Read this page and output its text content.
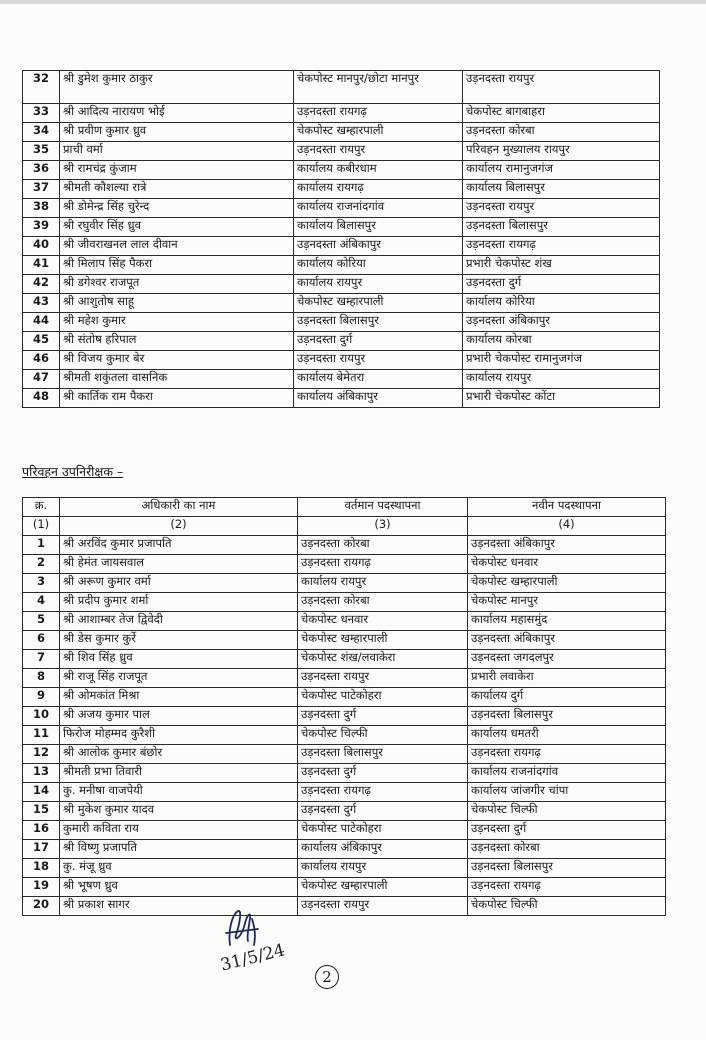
32	श्री डुमेश कुमार ठाकुर	चेकपोस्ट मानपुर/छोटा मानपुर	उड़नदस्ता रायपुर
33	श्री आदित्य नारायण भोई	उड़नदस्ता रायगढ़	चेकपोस्ट बागबाहरा
34	श्री प्रवीण कुमार ध्रुव	चेकपोस्ट खम्हारपाली	उड़नदस्ता कोरबा
35	प्राची वर्मा	उड़नदस्ता रायपुर	परिवहन मुख्यालय रायपुर
36	श्री रामचंद्र कुंजाम	कार्यालय कबीरधाम	कार्यालय रामानुजगंज
37	श्रीमती कौशल्या रात्रे	कार्यालय रायगढ़	कार्यालय बिलासपुर
38	श्री डोमेन्द्र सिंह चुरेन्द	कार्यालय राजनांदगांव	उड़नदस्ता रायपुर
39	श्री रघुवीर सिंह ध्रुव	कार्यालय बिलासपुर	उड़नदस्ता बिलासपुर
40	श्री जीवराखनल लाल दीवान	उड़नदस्ता अंबिकापुर	उड़नदस्ता रायगढ़
41	श्री मिलाप सिंह पैकरा	कार्यालय कोरिया	प्रभारी चेकपोस्ट शंख
42	श्री डगेश्वर राजपूत	कार्यालय रायपुर	उड़नदस्ता दुर्ग
43	श्री आशुतोष साहू	चेकपोस्ट खम्हारपाली	कार्यालय कोरिया
44	श्री महेश कुमार	उड़नदस्ता बिलासपुर	उड़नदस्ता अंबिकापुर
45	श्री संतोष हरिपाल	उड़नदस्ता दुर्ग	कार्यालय कोरबा
46	श्री विजय कुमार बेर	उड़नदस्ता रायपुर	प्रभारी चेकपोस्ट रामानुजगंज
47	श्रीमती शकुंतला वासनिक	कार्यालय बेमेतरा	कार्यालय रायपुर
48	श्री कार्तिक राम पैकरा	कार्यालय अंबिकापुर	प्रभारी चेकपोस्ट कोंटा
परिवहन उपनिरीक्षक –
क्र.	अधिकारी का नाम	वर्तमान पदस्थापना	नवीन पदस्थापना
(1)	(2)	(3)	(4)
1	श्री अरविंद कुमार प्रजापति	उड़नदस्ता कोरबा	उड़नदस्ता अंबिकापुर
2	श्री हेमंत जायसवाल	उड़नदस्ता रायगढ़	चेकपोस्ट धनवार
3	श्री अरूण कुमार वर्मा	कार्यालय रायपुर	चेकपोस्ट खम्हारपाली
4	श्री प्रदीप कुमार शर्मा	उड़नदस्ता कोरबा	चेकपोस्ट मानपुर
5	श्री आशाम्बर तेज द्विवेदी	चेकपोस्ट धनवार	कार्यालय महासमुंद
6	श्री डेस कुमार कुर्रे	चेकपोस्ट खम्हारपाली	उड़नदस्ता अंबिकापुर
7	श्री शिव सिंह ध्रुव	चेकपोस्ट शंख/लवाकेरा	उड़नदस्ता जगदलपुर
8	श्री राजू सिंह राजपूत	उड़नदस्ता रायपुर	प्रभारी लवाकेरा
9	श्री ओमकांत मिश्रा	चेकपोस्ट पाटेकोहरा	कार्यालय दुर्ग
10	श्री अजय कुमार पाल	उड़नदस्ता दुर्ग	उड़नदस्ता बिलासपुर
11	फिरोज मोहम्मद कुरैशी	चेकपोस्ट चिल्फी	कार्यालय धमतरी
12	श्री आलोक कुमार बंछोर	उड़नदस्ता बिलासपुर	उड़नदस्ता रायगढ़
13	श्रीमती प्रभा तिवारी	उड़नदस्ता दुर्ग	कार्यालय राजनांदगांव
14	कु. मनीषा वाजपेयी	उड़नदस्ता रायगढ़	कार्यालय जांजगीर चांपा
15	श्री मुकेश कुमार यादव	उड़नदस्ता दुर्ग	चेकपोस्ट चिल्फी
16	कुमारी कविता राय	चेकपोस्ट पाटेकोहरा	उड़नदस्ता दुर्ग
17	श्री विष्णु प्रजापति	कार्यालय अंबिकापुर	उड़नदस्ता कोरबा
18	कु. मंजू ध्रुव	कार्यालय रायपुर	उड़नदस्ता बिलासपुर
19	श्री भूषण ध्रुव	चेकपोस्ट खम्हारपाली	उड़नदस्ता रायगढ़
20	श्री प्रकाश सागर	उड़नदस्ता रायपुर	चेकपोस्ट चिल्फी
31/5/24
2
